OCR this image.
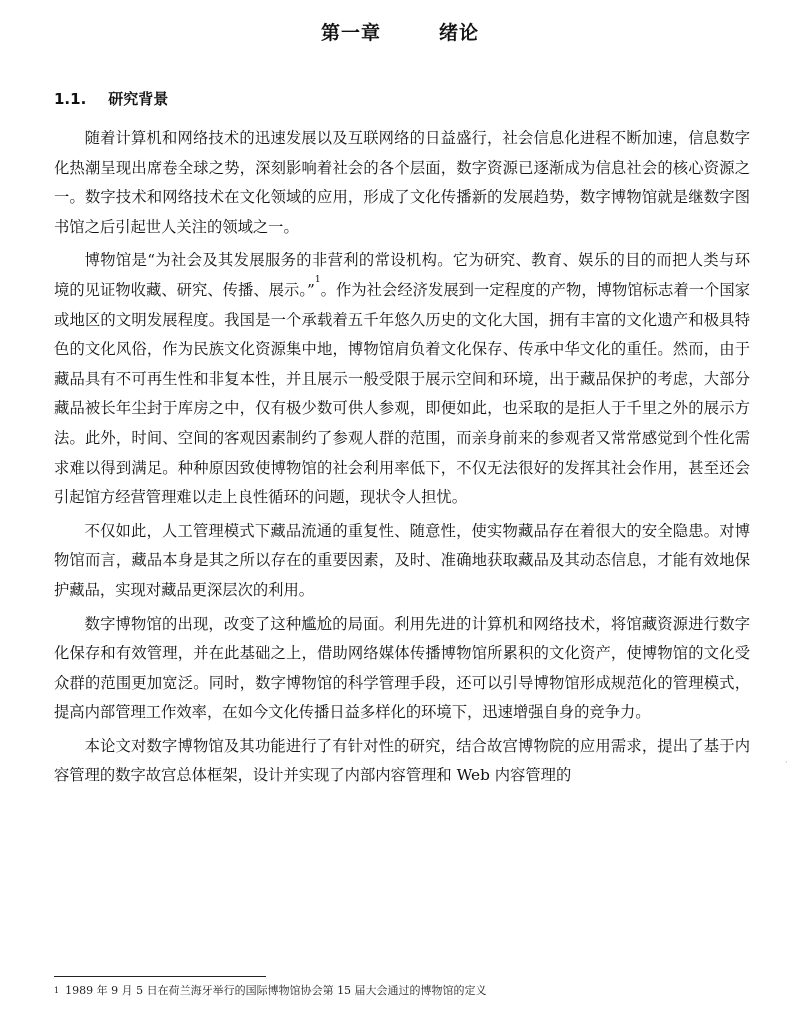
第一章	绪论
1.1. 研究背景

随着计算机和网络技术的迅速发展以及互联网络的日益盛行，社会信息化进程不断加速，信息数字化热潮呈现出席卷全球之势，深刻影响着社会的各个层面，数字资源已逐渐成为信息社会的核心资源之一。数字技术和网络技术在文化领域的应用，形成了文化传播新的发展趋势，数字博物馆就是继数字图书馆之后引起世人关注的领域之一。

博物馆是“为社会及其发展服务的非营利的常设机构。它为研究、教育、娱乐的目的而把人类与环境的见证物收藏、研究、传播、展示。”$^1$。作为社会经济发展到一定程度的产物，博物馆标志着一个国家或地区的文明发展程度。我国是一个承载着五千年悠久历史的文化大国，拥有丰富的文化遗产和极具特色的文化风俗，作为民族文化资源集中地，博物馆肩负着文化保存、传承中华文化的重任。然而，由于藏品具有不可再生性和非复本性，并且展示一般受限于展示空间和环境，出于藏品保护的考虑，大部分藏品被长年尘封于库房之中，仅有极少数可供人参观，即便如此，也采取的是拒人于千里之外的展示方法。此外，时间、空间的客观因素制约了参观人群的范围，而亲身前来的参观者又常常感觉到个性化需求难以得到满足。种种原因致使博物馆的社会利用率低下，不仅无法很好的发挥其社会作用，甚至还会引起馆方经营管理难以走上良性循环的问题，现状令人担忧。

不仅如此，人工管理模式下藏品流通的重复性、随意性，使实物藏品存在着很大的安全隐患。对博物馆而言，藏品本身是其之所以存在的重要因素，及时、准确地获取藏品及其动态信息，才能有效地保护藏品，实现对藏品更深层次的利用。

数字博物馆的出现，改变了这种尴尬的局面。利用先进的计算机和网络技术，将馆藏资源进行数字化保存和有效管理，并在此基础之上，借助网络媒体传播博物馆所累积的文化资产，使博物馆的文化受众群的范围更加宽泛。同时，数字博物馆的科学管理手段，还可以引导博物馆形成规范化的管理模式，提高内部管理工作效率，在如今文化传播日益多样化的环境下，迅速增强自身的竞争力。

本论文对数字博物馆及其功能进行了有针对性的研究，结合故宫博物院的应用需求，提出了基于内容管理的数字故宫总体框架，设计并实现了内部内容管理和 Web 内容管理的

$^1$ 1989 年 9 月 5 日在荷兰海牙举行的国际博物馆协会第 15 届大会通过的博物馆的定义
·
